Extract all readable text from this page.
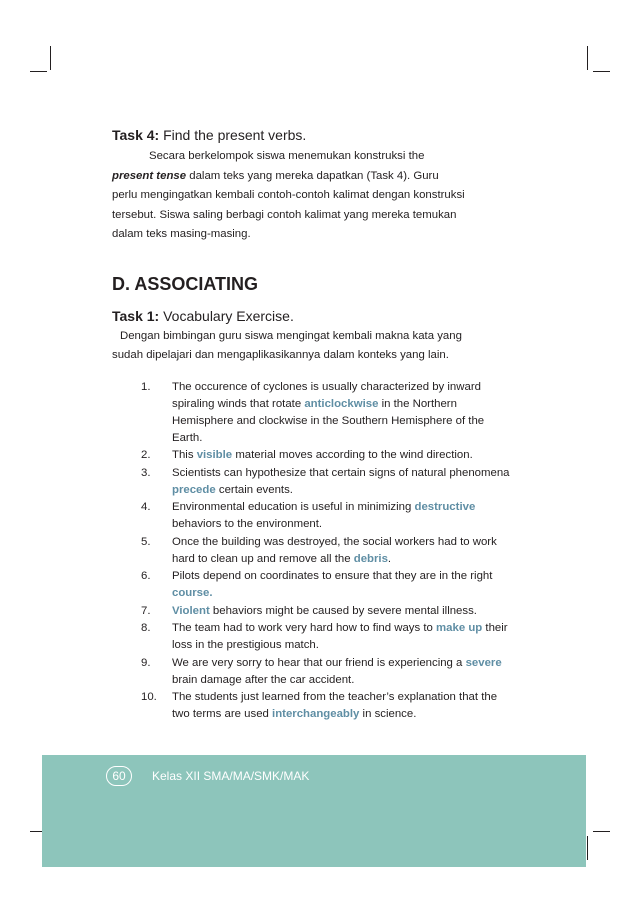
Task 4: Find the present verbs.

Secara berkelompok siswa menemukan konstruksi the

present tense dalam teks yang mereka dapatkan (Task 4). Guru

perlu mengingatkan kembali contoh-contoh kalimat dengan konstruksi

tersebut. Siswa saling berbagi contoh kalimat yang mereka temukan

dalam teks masing-masing.

D. ASSOCIATING

Task 1: Vocabulary Exercise.

Dengan bimbingan guru siswa mengingat kembali makna kata yang

sudah dipelajari dan mengaplikasikannya dalam konteks yang lain.

1. The occurence of cyclones is usually characterized by inward spiraling winds that rotate anticlockwise in the Northern Hemisphere and clockwise in the Southern Hemisphere of the Earth.
2. This visible material moves according to the wind direction.
3. Scientists can hypothesize that certain signs of natural phenomena precede certain events.
4. Environmental education is useful in minimizing destructive behaviors to the environment.
5. Once the building was destroyed, the social workers had to work hard to clean up and remove all the debris.
6. Pilots depend on coordinates to ensure that they are in the right course.
7. Violent behaviors might be caused by severe mental illness.
8. The team had to work very hard how to find ways to make up their loss in the prestigious match.
9. We are very sorry to hear that our friend is experiencing a severe brain damage after the car accident.
10. The students just learned from the teacher’s explanation that the two terms are used interchangeably in science.
60	Kelas XII SMA/MA/SMK/MAK
